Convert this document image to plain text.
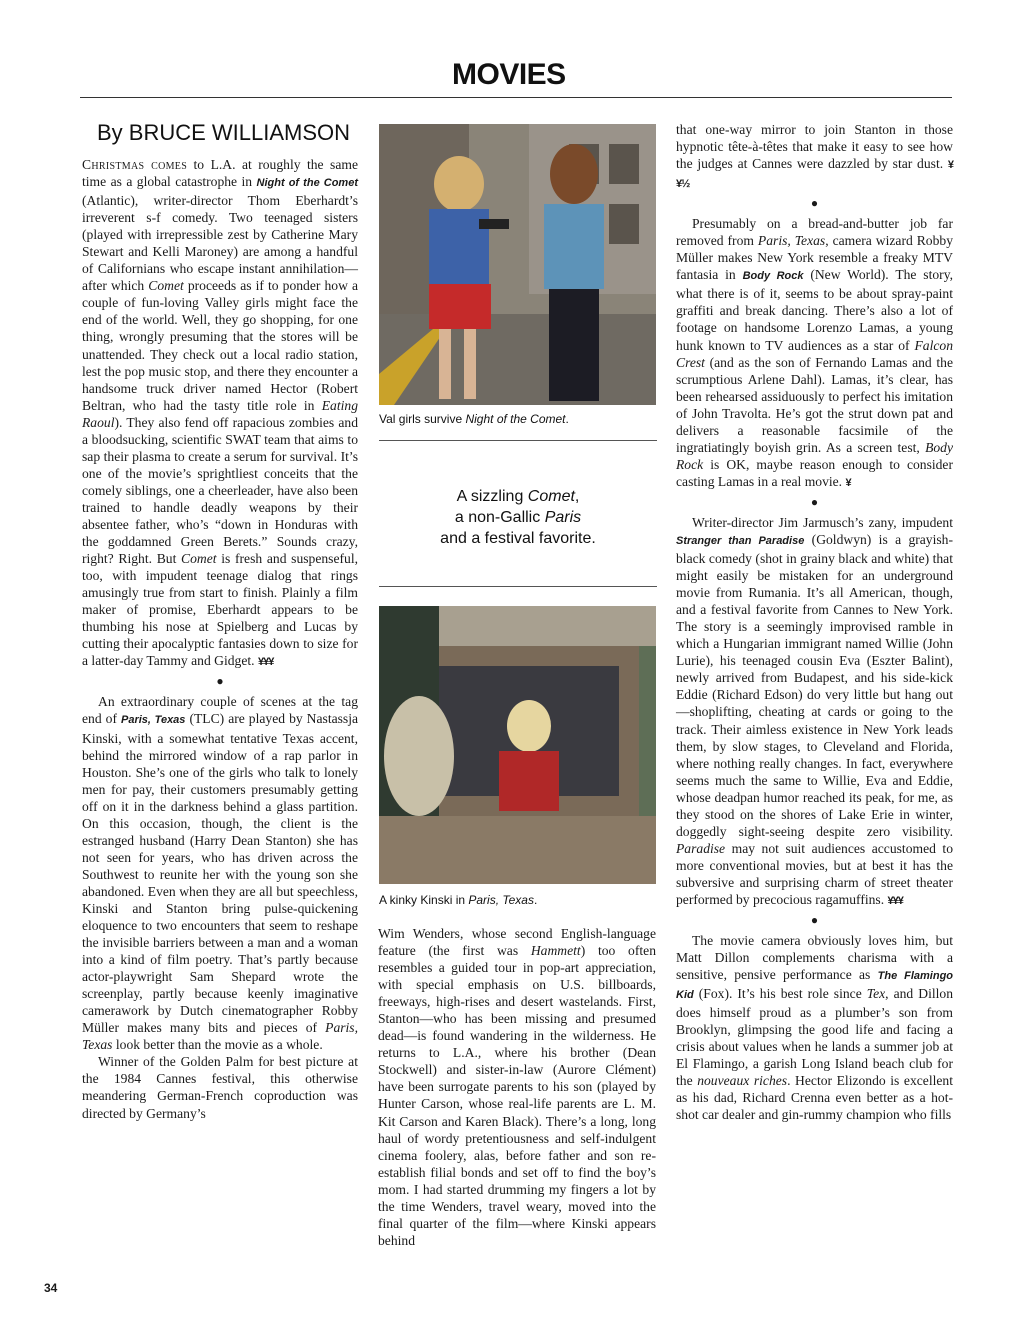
MOVIES
By BRUCE WILLIAMSON

Christmas comes to L.A. at roughly the same time as a global catastrophe in Night of the Comet (Atlantic), writer-director Thom Eberhardt’s irreverent s-f comedy. Two teenaged sisters (played with irrepressible zest by Catherine Mary Stewart and Kelli Maroney) are among a handful of Californians who escape instant annihilation—after which Comet proceeds as if to ponder how a couple of fun-loving Valley girls might face the end of the world. Well, they go shopping, for one thing, wrongly presuming that the stores will be unattended. They check out a local radio station, lest the pop music stop, and there they encounter a handsome truck driver named Hector (Robert Beltran, who had the tasty title role in Eating Raoul). They also fend off rapacious zombies and a bloodsucking, scientific SWAT team that aims to sap their plasma to create a serum for survival. It’s one of the movie’s sprightliest conceits that the comely siblings, one a cheerleader, have also been trained to handle deadly weapons by their absentee father, who’s “down in Honduras with the goddamned Green Berets.” Sounds crazy, right? Right. But Comet is fresh and suspenseful, too, with impudent teenage dialog that rings amusingly true from start to finish. Plainly a film maker of promise, Eberhardt appears to be thumbing his nose at Spielberg and Lucas by cutting their apocalyptic fantasies down to size for a latter-day Tammy and Gidget. ¥¥¥

●

An extraordinary couple of scenes at the tag end of Paris, Texas (TLC) are played by Nastassja Kinski, with a somewhat tentative Texas accent, behind the mirrored window of a rap parlor in Houston. She’s one of the girls who talk to lonely men for pay, their customers presumably getting off on it in the darkness behind a glass partition. On this occasion, though, the client is the estranged husband (Harry Dean Stanton) she has not seen for years, who has driven across the Southwest to reunite her with the young son she abandoned. Even when they are all but speechless, Kinski and Stanton bring pulse-quickening eloquence to two encounters that seem to reshape the invisible barriers between a man and a woman into a kind of film poetry. That’s partly because actor-playwright Sam Shepard wrote the screenplay, partly because keenly imaginative camerawork by Dutch cinematographer Robby Müller makes many bits and pieces of Paris, Texas look better than the movie as a whole.

Winner of the Golden Palm for best picture at the 1984 Cannes festival, this otherwise meandering German-French coproduction was directed by Germany’s

Val girls survive Night of the Comet.
A sizzling Comet,
a non-Gallic Paris
and a festival favorite.
A kinky Kinski in Paris, Texas.

Wim Wenders, whose second English-language feature (the first was Hammett) too often resembles a guided tour in pop-art appreciation, with special emphasis on U.S. billboards, freeways, high-rises and desert wastelands. First, Stanton—who has been missing and presumed dead—is found wandering in the wilderness. He returns to L.A., where his brother (Dean Stockwell) and sister-in-law (Aurore Clément) have been surrogate parents to his son (played by Hunter Carson, whose real-life parents are L. M. Kit Carson and Karen Black). There’s a long, long haul of wordy pretentiousness and self-indulgent cinema foolery, alas, before father and son re-establish filial bonds and set off to find the boy’s mom. I had started drumming my fingers a lot by the time Wenders, travel weary, moved into the final quarter of the film—where Kinski appears behind

that one-way mirror to join Stanton in those hypnotic tête-à-têtes that make it easy to see how the judges at Cannes were dazzled by star dust. ¥¥½

●

Presumably on a bread-and-butter job far removed from Paris, Texas, camera wizard Robby Müller makes New York resemble a freaky MTV fantasia in Body Rock (New World). The story, what there is of it, seems to be about spray-paint graffiti and break dancing. There’s also a lot of footage on handsome Lorenzo Lamas, a young hunk known to TV audiences as a star of Falcon Crest (and as the son of Fernando Lamas and the scrumptious Arlene Dahl). Lamas, it’s clear, has been rehearsed assiduously to perfect his imitation of John Travolta. He’s got the strut down pat and delivers a reasonable facsimile of the ingratiatingly boyish grin. As a screen test, Body Rock is OK, maybe reason enough to consider casting Lamas in a real movie. ¥

●

Writer-director Jim Jarmusch’s zany, impudent Stranger than Paradise (Goldwyn) is a grayish-black comedy (shot in grainy black and white) that might easily be mistaken for an underground movie from Rumania. It’s all American, though, and a festival favorite from Cannes to New York. The story is a seemingly improvised ramble in which a Hungarian immigrant named Willie (John Lurie), his teenaged cousin Eva (Eszter Balint), newly arrived from Budapest, and his side-kick Eddie (Richard Edson) do very little but hang out—shoplifting, cheating at cards or going to the track. Their aimless existence in New York leads them, by slow stages, to Cleveland and Florida, where nothing really changes. In fact, everywhere seems much the same to Willie, Eva and Eddie, whose deadpan humor reached its peak, for me, as they stood on the shores of Lake Erie in winter, doggedly sight-seeing despite zero visibility. Paradise may not suit audiences accustomed to more conventional movies, but at best it has the subversive and surprising charm of street theater performed by precocious ragamuffins. ¥¥¥

●

The movie camera obviously loves him, but Matt Dillon complements charisma with a sensitive, pensive performance as The Flamingo Kid (Fox). It’s his best role since Tex, and Dillon does himself proud as a plumber’s son from Brooklyn, glimpsing the good life and facing a crisis about values when he lands a summer job at El Flamingo, a garish Long Island beach club for the nouveaux riches. Hector Elizondo is excellent as his dad, Richard Crenna even better as a hot-shot car dealer and gin-rummy champion who fills

34
